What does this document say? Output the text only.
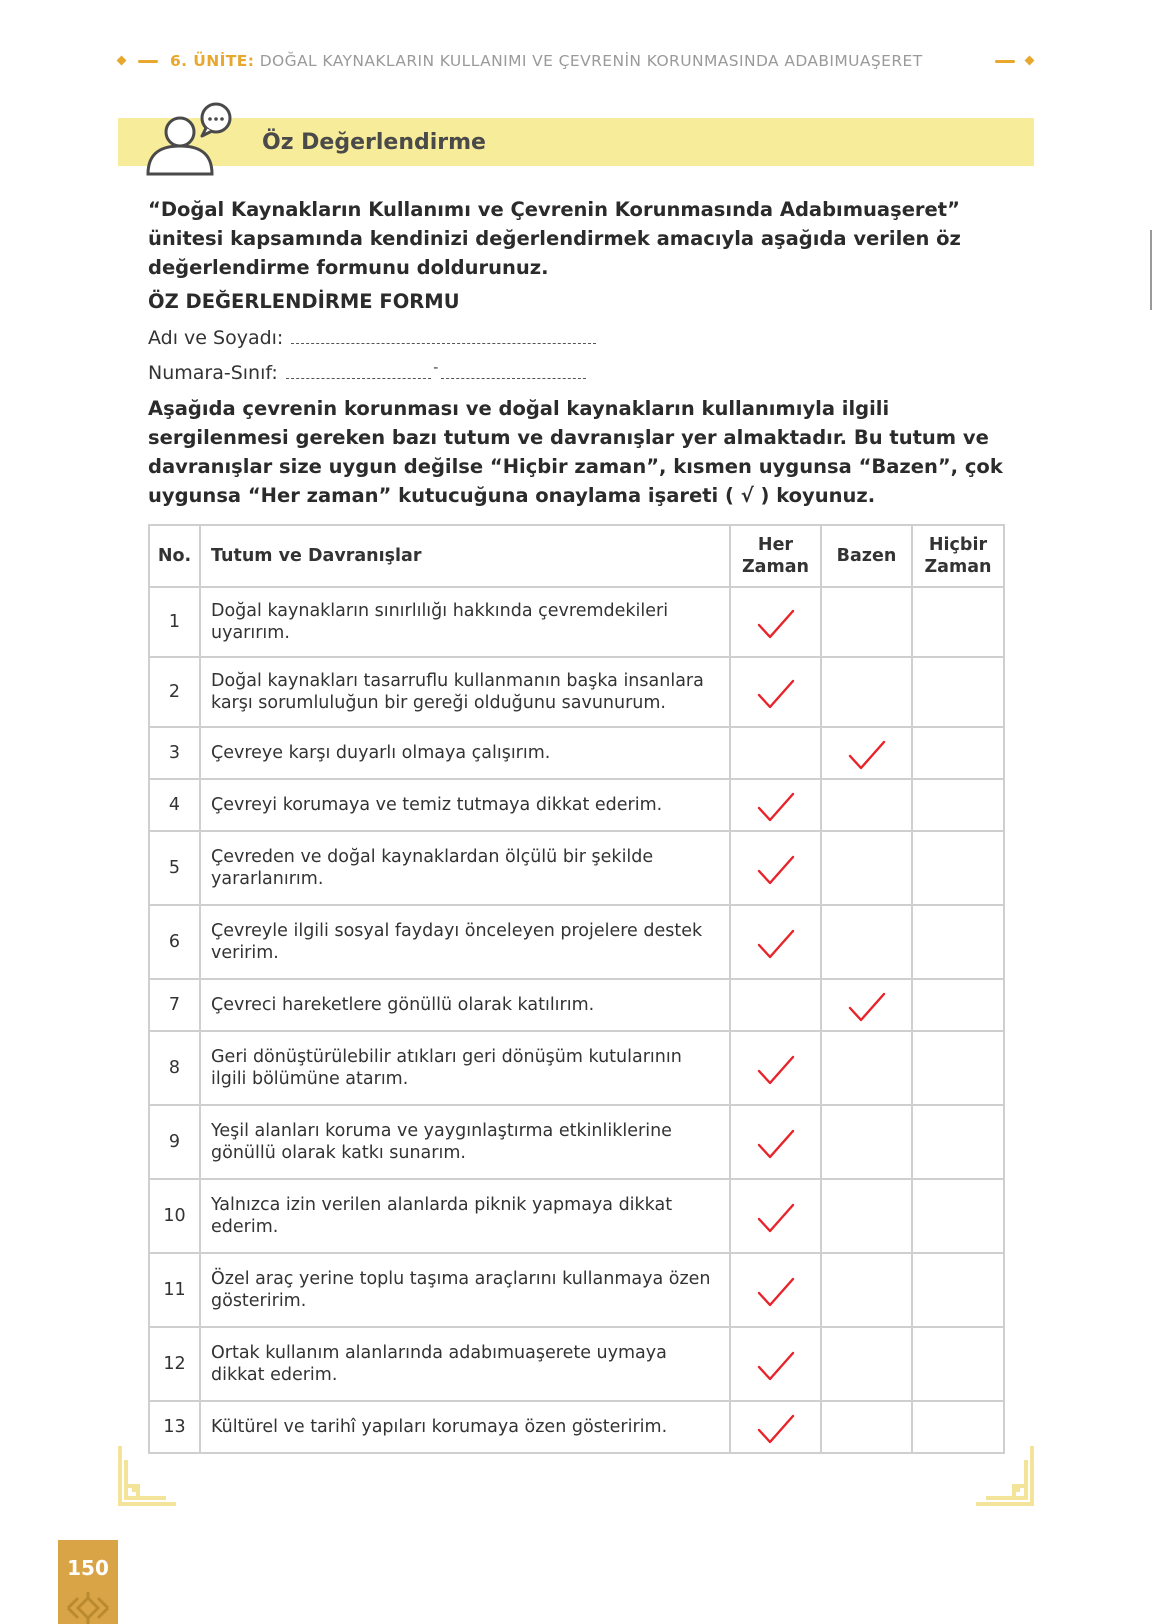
6. ÜNİTE: DOĞAL KAYNAKLARIN KULLANIMI VE ÇEVRENİN KORUNMASINDA ADABIMUAŞERET
Öz Değerlendirme
“Doğal Kaynakların Kullanımı ve Çevrenin Korunmasında Adabımuaşeret” ünitesi kapsamında kendinizi değerlendirmek amacıyla aşağıda verilen öz değerlendirme formunu doldurunuz.
ÖZ DEĞERLENDİRME FORMU
Adı ve Soyadı:
Numara-Sınıf:	-
Aşağıda çevrenin korunması ve doğal kaynakların kullanımıyla ilgili sergilenmesi gereken bazı tutum ve davranışlar yer almaktadır. Bu tutum ve davranışlar size uygun değilse “Hiçbir zaman”, kısmen uygunsa “Bazen”, çok uygunsa “Her zaman” kutucuğuna onaylama işareti ( √ ) koyunuz.
No.	Tutum ve Davranışlar	Her Zaman	Bazen	Hiçbir Zaman
1	Doğal kaynakların sınırlılığı hakkında çevremdekileri uyarırım.	

2	Doğal kaynakları tasarruflu kullanmanın başka insanlara karşı sorumluluğun bir gereği olduğunu savunurum.	

3	Çevreye karşı duyarlı olmaya çalışırım.		

4	Çevreyi korumaya ve temiz tutmaya dikkat ederim.	

5	Çevreden ve doğal kaynaklardan ölçülü bir şekilde yararlanırım.	

6	Çevreyle ilgili sosyal faydayı önceleyen projelere destek veririm.	

7	Çevreci hareketlere gönüllü olarak katılırım.		

8	Geri dönüştürülebilir atıkları geri dönüşüm kutularının ilgili bölümüne atarım.	

9	Yeşil alanları koruma ve yaygınlaştırma etkinliklerine gönüllü olarak katkı sunarım.	

10	Yalnızca izin verilen alanlarda piknik yapmaya dikkat ederim.	

11	Özel araç yerine toplu taşıma araçlarını kullanmaya özen gösteririm.	

12	Ortak kullanım alanlarında adabımuaşerete uymaya dikkat ederim.	

13	Kültürel ve tarihî yapıları korumaya özen gösteririm.	

150
